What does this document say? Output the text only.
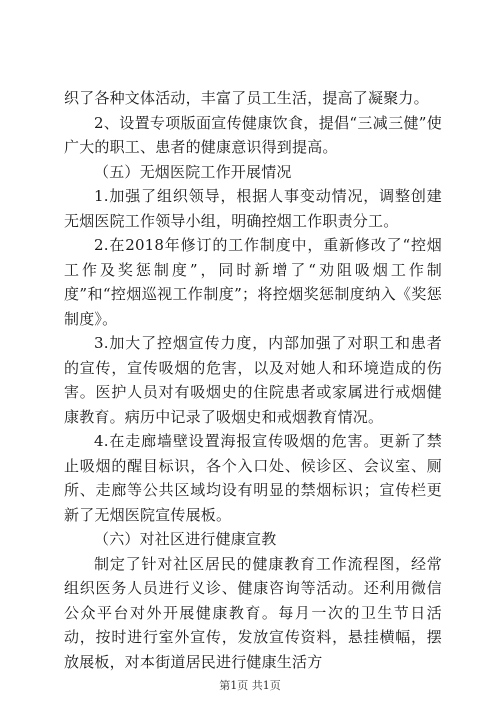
织了各种文体活动，丰富了员工生活，提高了凝聚力。

2、设置专项版面宣传健康饮食，提倡“三减三健”使广大的职工、患者的健康意识得到提高。

（五）无烟医院工作开展情况

1.加强了组织领导，根据人事变动情况，调整创建无烟医院工作领导小组，明确控烟工作职责分工。

2.在2018年修订的工作制度中，重新修改了“控烟工作及奖惩制度”，同时新增了“劝阻吸烟工作制度”和“控烟巡视工作制度”；将控烟奖惩制度纳入《奖惩制度》。

3.加大了控烟宣传力度，内部加强了对职工和患者的宣传，宣传吸烟的危害，以及对她人和环境造成的伤害。医护人员对有吸烟史的住院患者或家属进行戒烟健康教育。病历中记录了吸烟史和戒烟教育情况。

4.在走廊墙壁设置海报宣传吸烟的危害。更新了禁止吸烟的醒目标识，各个入口处、候诊区、会议室、厕所、走廊等公共区域均设有明显的禁烟标识；宣传栏更新了无烟医院宣传展板。

（六）对社区进行健康宣教

制定了针对社区居民的健康教育工作流程图，经常组织医务人员进行义诊、健康咨询等活动。还利用微信公众平台对外开展健康教育。每月一次的卫生节日活动，按时进行室外宣传，发放宣传资料，悬挂横幅，摆放展板，对本街道居民进行健康生活方

第1页 共1页
